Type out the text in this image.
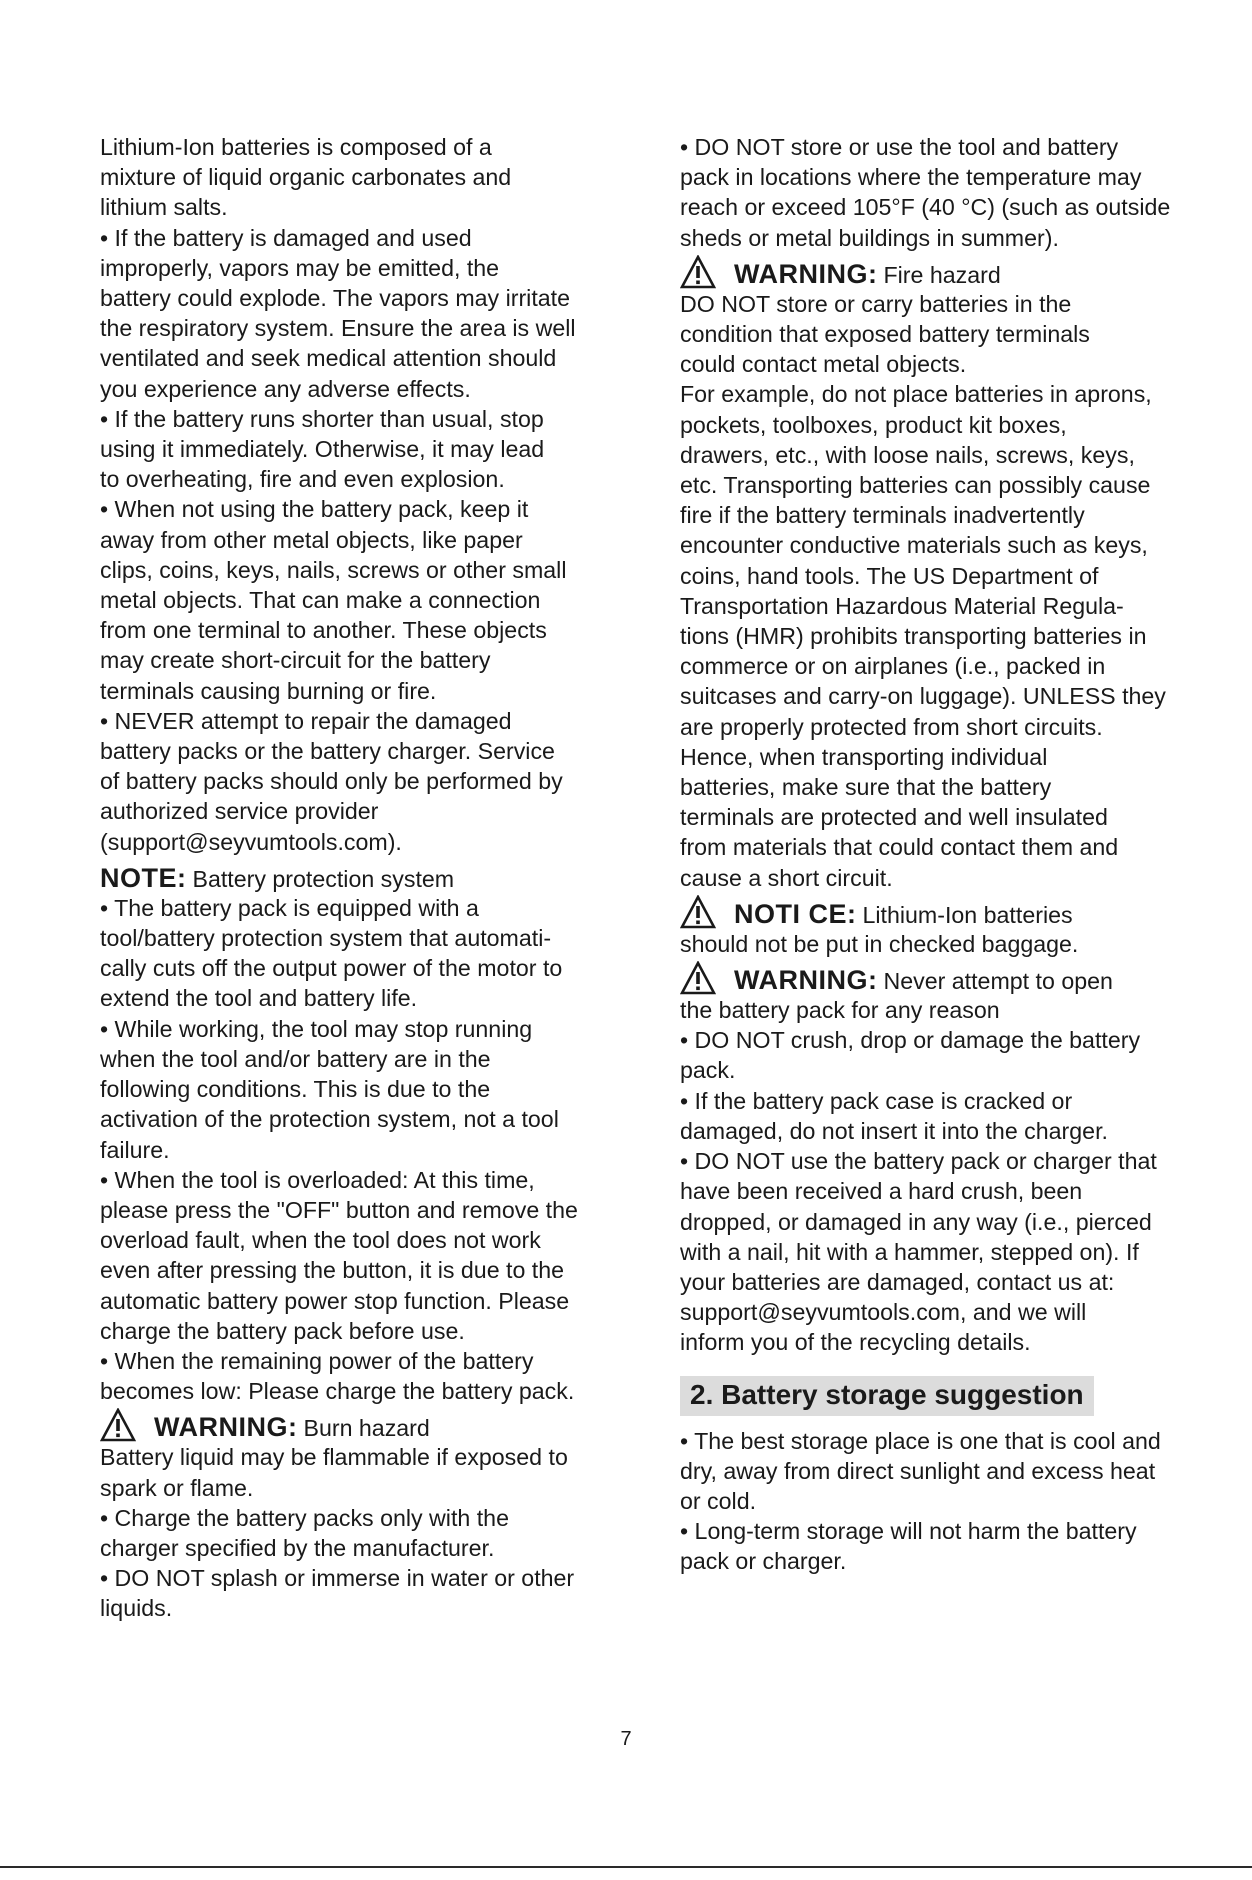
Lithium-Ion batteries is composed of a
mixture of liquid organic carbonates and
lithium salts.
• If the battery is damaged and used
improperly, vapors may be emitted, the
battery could explode. The vapors may irritate
the respiratory system. Ensure the area is well
ventilated and seek medical attention should
you experience any adverse effects.
• If the battery runs shorter than usual, stop
using it immediately. Otherwise, it may lead
to overheating, fire and even explosion.
• When not using the battery pack, keep it
away from other metal objects, like paper
clips, coins, keys, nails, screws or other small
metal objects. That can make a connection
from one terminal to another. These objects
may create short-circuit for the battery
terminals causing burning or fire.
• NEVER attempt to repair the damaged
battery packs or the battery charger. Service
of battery packs should only be performed by
authorized service provider
(support@seyvumtools.com).

NOTE: Battery protection system

• The battery pack is equipped with a
tool/battery protection system that automati-
cally cuts off the output power of the motor to
extend the tool and battery life.
• While working, the tool may stop running
when the tool and/or battery are in the
following conditions. This is due to the
activation of the protection system, not a tool
failure.
• When the tool is overloaded: At this time,
please press the "OFF" button and remove the
overload fault, when the tool does not work
even after pressing the button, it is due to the
automatic battery power stop function. Please
charge the battery pack before use.
• When the remaining power of the battery
becomes low: Please charge the battery pack.

WARNING: Burn hazard

Battery liquid may be flammable if exposed to
spark or flame.
• Charge the battery packs only with the
charger specified by the manufacturer.
• DO NOT splash or immerse in water or other
liquids.

• DO NOT store or use the tool and battery
pack in locations where the temperature may
reach or exceed 105°F (40 °C) (such as outside
sheds or metal buildings in summer).

WARNING: Fire hazard

DO NOT store or carry batteries in the
condition that exposed battery terminals
could contact metal objects.
For example, do not place batteries in aprons,
pockets, toolboxes, product kit boxes,
drawers, etc., with loose nails, screws, keys,
etc. Transporting batteries can possibly cause
fire if the battery terminals inadvertently
encounter conductive materials such as keys,
coins, hand tools. The US Department of
Transportation Hazardous Material Regula-
tions (HMR) prohibits transporting batteries in
commerce or on airplanes (i.e., packed in
suitcases and carry-on luggage). UNLESS they
are properly protected from short circuits.
Hence, when transporting individual
batteries, make sure that the battery
terminals are protected and well insulated
from materials that could contact them and
cause a short circuit.

NOTI CE: Lithium-Ion batteries

should not be put in checked baggage.

WARNING: Never attempt to open

the battery pack for any reason
• DO NOT crush, drop or damage the battery
pack.
• If the battery pack case is cracked or
damaged, do not insert it into the charger.
• DO NOT use the battery pack or charger that
have been received a hard crush, been
dropped, or damaged in any way (i.e., pierced
with a nail, hit with a hammer, stepped on). If
your batteries are damaged, contact us at:
support@seyvumtools.com, and we will
inform you of the recycling details.

2. Battery storage suggestion

• The best storage place is one that is cool and
dry, away from direct sunlight and excess heat
or cold.
• Long-term storage will not harm the battery
pack or charger.

7
